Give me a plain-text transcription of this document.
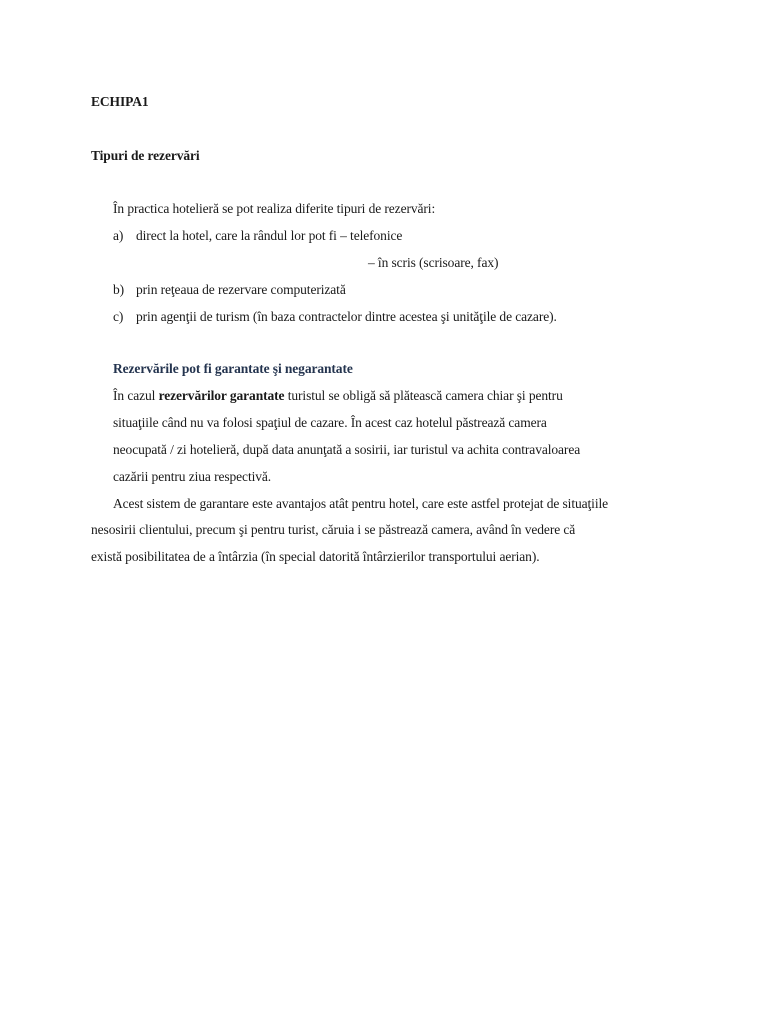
ECHIPA1
Tipuri de rezervări
În practica hotelieră se pot realiza diferite tipuri de rezervări:
a) direct la hotel, care la rândul lor pot fi – telefonice
– în scris (scrisoare, fax)
b) prin reţeaua de rezervare computerizată
c) prin agenţii de turism (în baza contractelor dintre acestea şi unităţile de cazare).
Rezervările pot fi garantate şi negarantate
În cazul rezervărilor garantate turistul se obligă să plătească camera chiar şi pentru
situaţiile când nu va folosi spaţiul de cazare. În acest caz hotelul păstrează camera
neocupată / zi hotelieră, după data anunţată a sosirii, iar turistul va achita contravaloarea
cazării pentru ziua respectivă.
Acest sistem de garantare este avantajos atât pentru hotel, care este astfel protejat de situaţiile
nesosirii clientului, precum şi pentru turist, căruia i se păstrează camera, având în vedere că
există posibilitatea de a întârzia (în special datorită întârzierilor transportului aerian).
